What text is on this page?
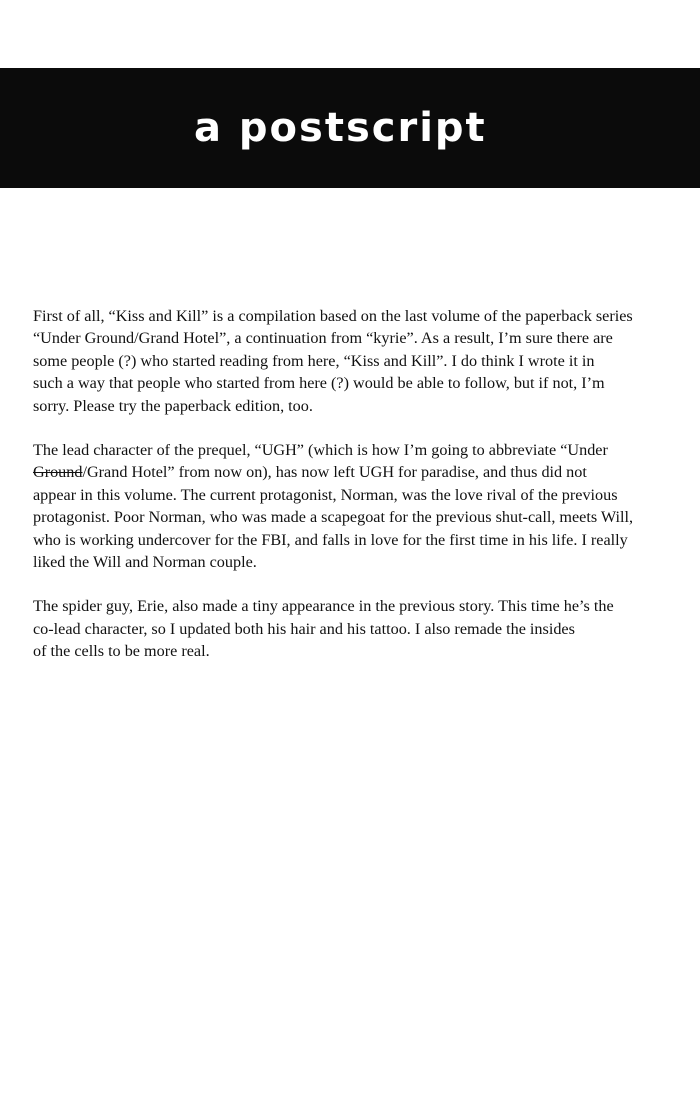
a postscript

First of all, “Kiss and Kill” is a compilation based on the last volume of the paperback series
“Under Ground/Grand Hotel”, a continuation from “kyrie”. As a result, I’m sure there are
some people (?) who started reading from here, “Kiss and Kill”. I do think I wrote it in
such a way that people who started from here (?) would be able to follow, but if not, I’m
sorry. Please try the paperback edition, too.

The lead character of the prequel, “UGH” (which is how I’m going to abbreviate “Under
Ground/Grand Hotel” from now on), has now left UGH for paradise, and thus did not
appear in this volume. The current protagonist, Norman, was the love rival of the previous
protagonist. Poor Norman, who was made a scapegoat for the previous shut-call, meets Will,
who is working undercover for the FBI, and falls in love for the first time in his life. I really
liked the Will and Norman couple.

The spider guy, Erie, also made a tiny appearance in the previous story. This time he’s the
co-lead character, so I updated both his hair and his tattoo. I also remade the insides
of the cells to be more real.
